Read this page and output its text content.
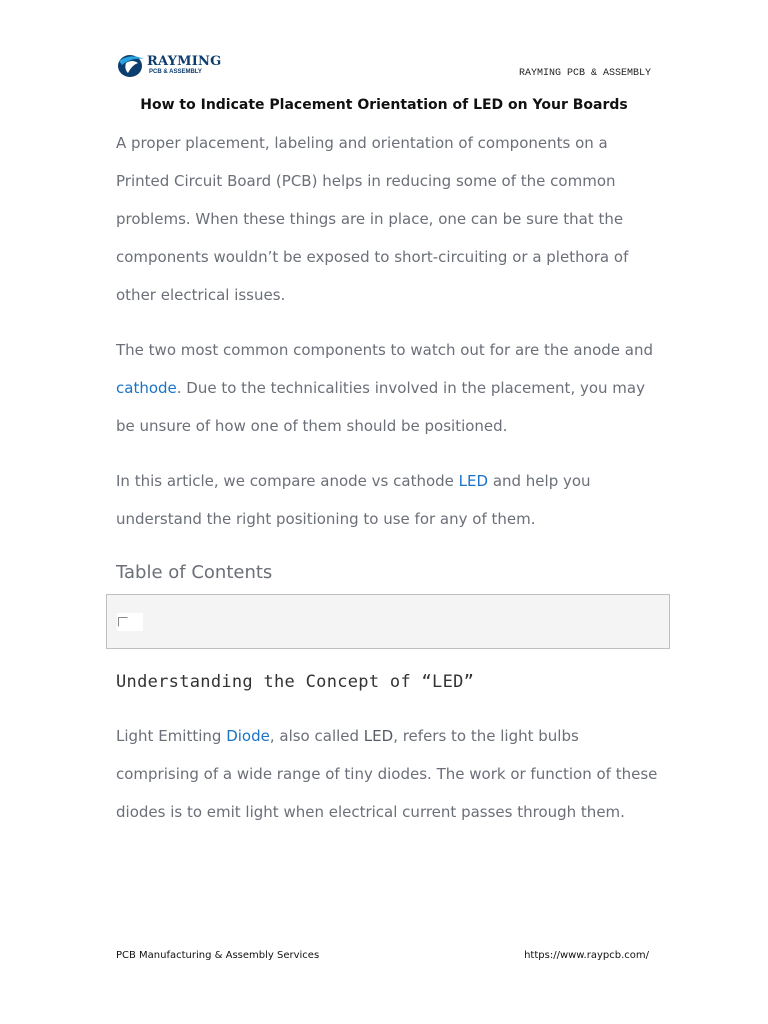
RAYMING
PCB & ASSEMBLY	RAYMING PCB & ASSEMBLY
How to Indicate Placement Orientation of LED on Your Boards

A proper placement, labeling and orientation of components on a Printed Circuit Board (PCB) helps in reducing some of the common problems. When these things are in place, one can be sure that the components wouldn’t be exposed to short-circuiting or a plethora of other electrical issues.

The two most common components to watch out for are the anode and cathode. Due to the technicalities involved in the placement, you may be unsure of how one of them should be positioned.

In this article, we compare anode vs cathode LED and help you understand the right positioning to use for any of them.

Table of Contents
Understanding the Concept of “LED”

Light Emitting Diode, also called LED, refers to the light bulbs comprising of a wide range of tiny diodes. The work or function of these diodes is to emit light when electrical current passes through them.

PCB Manufacturing & Assembly Services	https://www.raypcb.com/
